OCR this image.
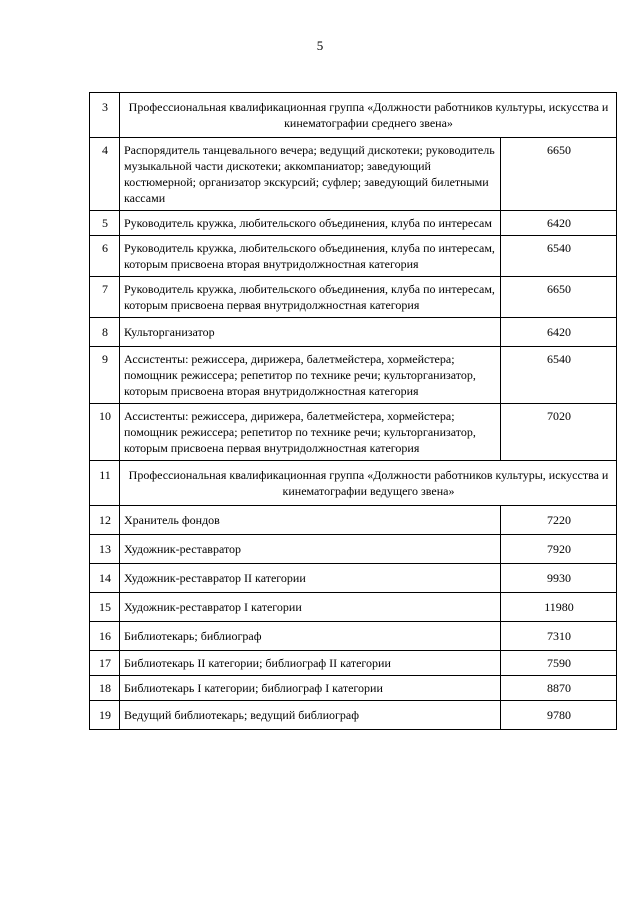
5
3	Профессиональная квалификационная группа «Должности работников культуры, искусства и кинематографии среднего звена»	
4	Распорядитель танцевального вечера; ведущий дискотеки; руководитель музыкальной части дискотеки; аккомпаниатор; заведующий костюмерной; организатор экскурсий; суфлер; заведующий билетными кассами	6650
5	Руководитель кружка, любительского объединения, клуба по интересам	6420
6	Руководитель кружка, любительского объединения, клуба по интересам, которым присвоена вторая внутридолжностная категория	6540
7	Руководитель кружка, любительского объединения, клуба по интересам, которым присвоена первая внутридолжностная категория	6650
8	Культорганизатор	6420
9	Ассистенты: режиссера, дирижера, балетмейстера, хормейстера; помощник режиссера; репетитор по технике речи; культорганизатор, которым присвоена вторая внутридолжностная категория	6540
10	Ассистенты: режиссера, дирижера, балетмейстера, хормейстера; помощник режиссера; репетитор по технике речи; культорганизатор, которым присвоена первая внутридолжностная категория	7020
11	Профессиональная квалификационная группа «Должности работников культуры, искусства и кинематографии ведущего звена»	
12	Хранитель фондов	7220
13	Художник-реставратор	7920
14	Художник-реставратор II категории	9930
15	Художник-реставратор I категории	11980
16	Библиотекарь; библиограф	7310
17	Библиотекарь II категории; библиограф II категории	7590
18	Библиотекарь I категории; библиограф I категории	8870
19	Ведущий библиотекарь; ведущий библиограф	9780
